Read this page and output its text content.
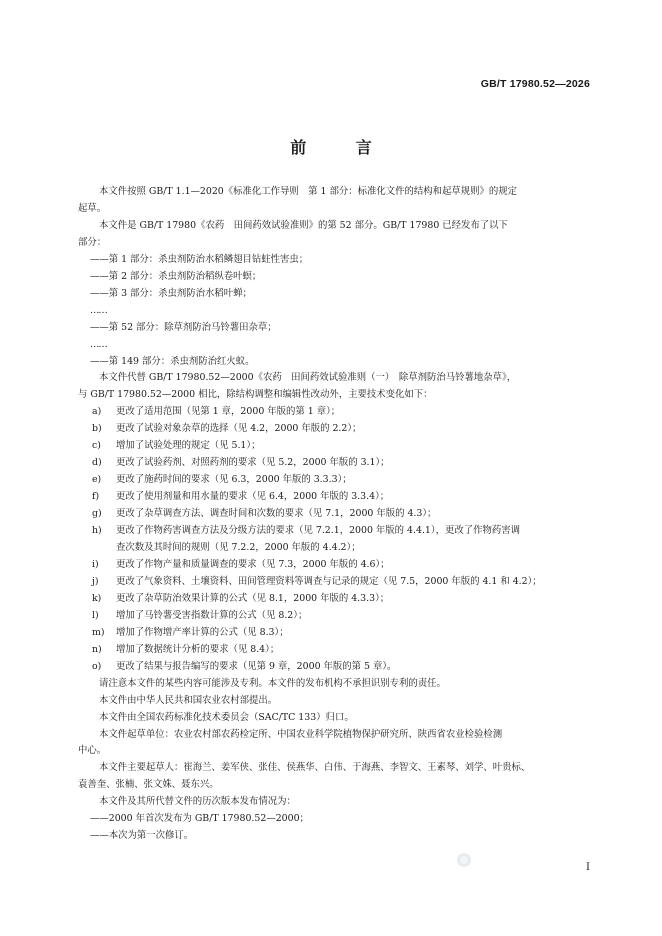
GB/T 17980.52—2026
前 言

本文件按照 GB/T 1.1—2020《标准化工作导则　第 1 部分：标准化文件的结构和起草规则》的规定

起草。

本文件是 GB/T 17980《农药　田间药效试验准则》的第 52 部分。GB/T 17980 已经发布了以下

部分：

——第 1 部分：杀虫剂防治水稻鳞翅目钻蛀性害虫；

——第 2 部分：杀虫剂防治稻纵卷叶螟；

——第 3 部分：杀虫剂防治水稻叶蝉；

……

——第 52 部分：除草剂防治马铃薯田杂草；

……

——第 149 部分：杀虫剂防治红火蚁。

本文件代替 GB/T 17980.52—2000《农药　田间药效试验准则（一）　除草剂防治马铃薯地杂草》，

与 GB/T 17980.52—2000 相比，除结构调整和编辑性改动外，主要技术变化如下：

a) 更改了适用范围（见第 1 章，2000 年版的第 1 章）；

b) 更改了试验对象杂草的选择（见 4.2，2000 年版的 2.2）；

c) 增加了试验处理的规定（见 5.1）；

d) 更改了试验药剂、对照药剂的要求（见 5.2，2000 年版的 3.1）；

e) 更改了施药时间的要求（见 6.3，2000 年版的 3.3.3）；

f) 更改了使用剂量和用水量的要求（见 6.4，2000 年版的 3.3.4）；

g) 更改了杂草调查方法、调查时间和次数的要求（见 7.1，2000 年版的 4.3）；

h) 更改了作物药害调查方法及分级方法的要求（见 7.2.1，2000 年版的 4.4.1），更改了作物药害调

查次数及其时间的规则（见 7.2.2，2000 年版的 4.4.2）；

i) 更改了作物产量和质量调查的要求（见 7.3，2000 年版的 4.6）；

j) 更改了气象资料、土壤资料、田间管理资料等调查与记录的规定（见 7.5，2000 年版的 4.1 和 4.2）；

k) 更改了杂草防治效果计算的公式（见 8.1，2000 年版的 4.3.3）；

l) 增加了马铃薯受害指数计算的公式（见 8.2）；

m) 增加了作物增产率计算的公式（见 8.3）；

n) 增加了数据统计分析的要求（见 8.4）；

o) 更改了结果与报告编写的要求（见第 9 章，2000 年版的第 5 章）。

请注意本文件的某些内容可能涉及专利。本文件的发布机构不承担识别专利的责任。

本文件由中华人民共和国农业农村部提出。

本文件由全国农药标准化技术委员会（SAC/TC 133）归口。

本文件起草单位：农业农村部农药检定所、中国农业科学院植物保护研究所、陕西省农业检验检测

中心。

本文件主要起草人：崔海兰、姜军侠、张佳、侯燕华、白伟、于海燕、李智文、王素琴、刘学、叶贵标、

袁善奎、张楠、张文姝、聂东兴。

本文件及其所代替文件的历次版本发布情况为：

——2000 年首次发布为 GB/T 17980.52—2000；

——本次为第一次修订。

I
